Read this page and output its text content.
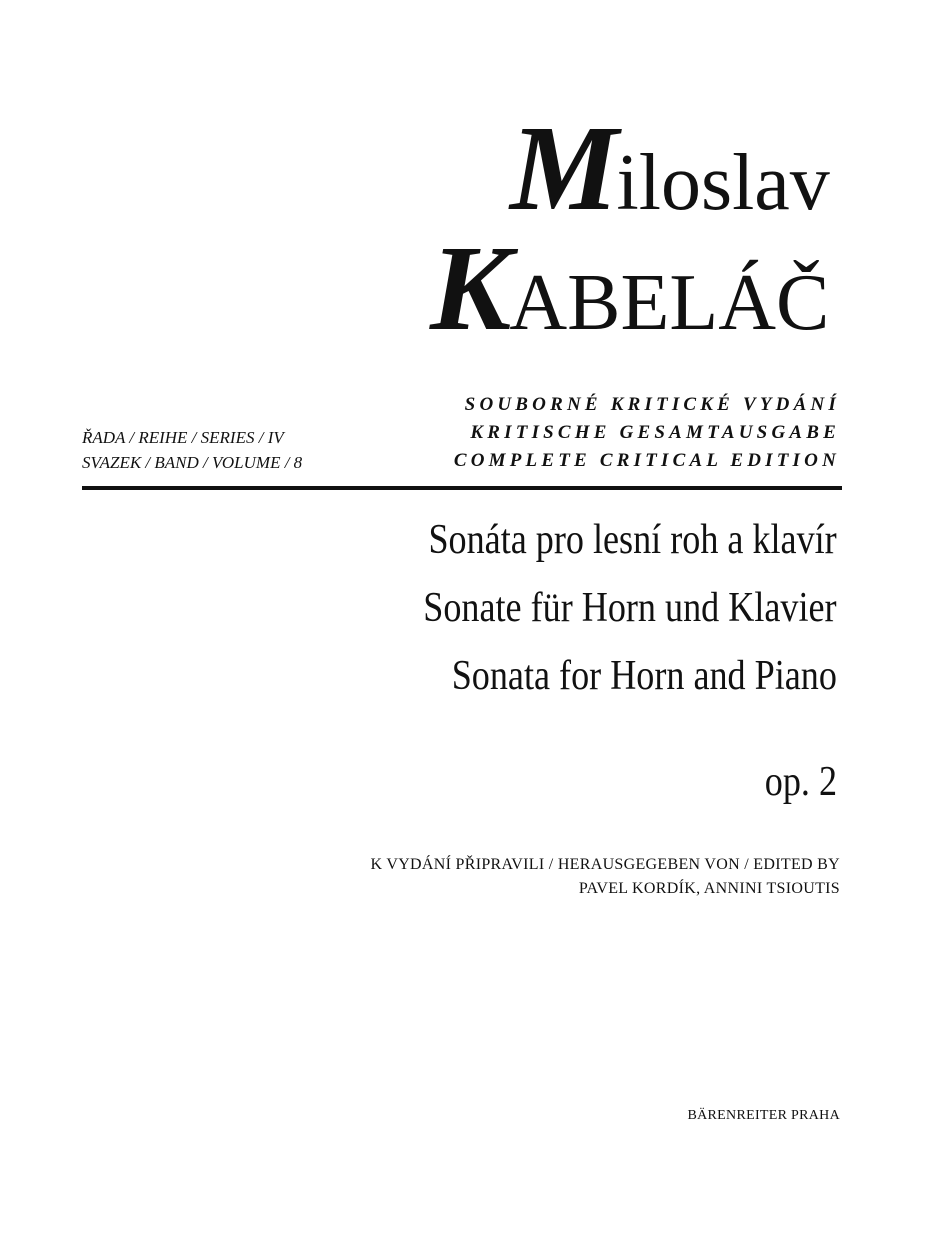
Miloslav
KABELÁČ
SOUBORNÉ KRITICKÉ VYDÁNÍ
KRITISCHE GESAMTAUSGABE
COMPLETE CRITICAL EDITION
ŘADA / REIHE / SERIES / IV
SVAZEK / BAND / VOLUME / 8
Sonáta pro lesní roh a klavír
Sonate für Horn und Klavier
Sonata for Horn and Piano
op. 2
K VYDÁNÍ PŘIPRAVILI / HERAUSGEGEBEN VON / EDITED BY
PAVEL KORDÍK, ANNINI TSIOUTIS
BÄRENREITER PRAHA
